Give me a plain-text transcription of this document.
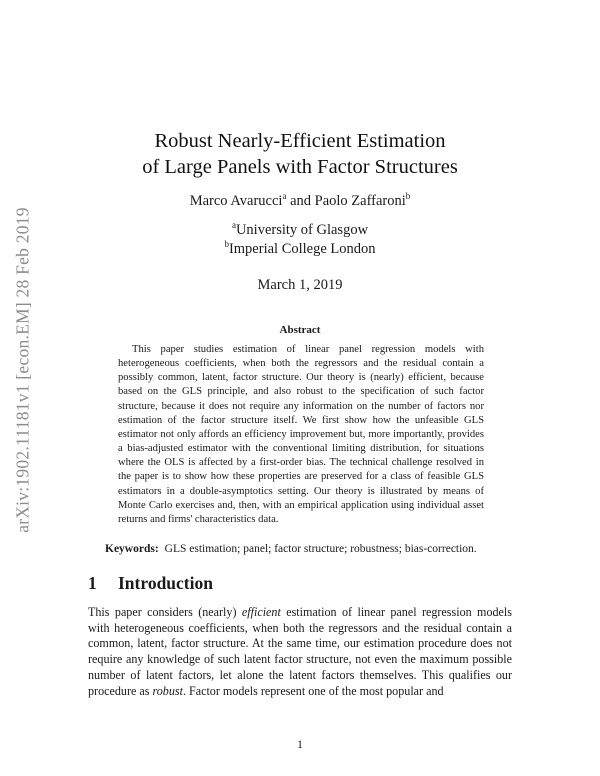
arXiv:1902.11181v1 [econ.EM] 28 Feb 2019
Robust Nearly-Efficient Estimation
of Large Panels with Factor Structures
Marco Avarucci$^a$ and Paolo Zaffaroni$^b$
$^a$University of Glasgow
$^b$Imperial College London
March 1, 2019
Abstract

This paper studies estimation of linear panel regression models with heterogeneous coefficients, when both the regressors and the residual contain a possibly common, latent, factor structure. Our theory is (nearly) efficient, because based on the GLS principle, and also robust to the specification of such factor structure, because it does not require any information on the number of factors nor estimation of the factor structure itself. We first show how the unfeasible GLS estimator not only affords an efficiency improvement but, more importantly, provides a bias-adjusted estimator with the conventional limiting distribution, for situations where the OLS is affected by a first-order bias. The technical challenge resolved in the paper is to show how these properties are preserved for a class of feasible GLS estimators in a double-asymptotics setting. Our theory is illustrated by means of Monte Carlo exercises and, then, with an empirical application using individual asset returns and firms' characteristics data.

Keywords: GLS estimation; panel; factor structure; robustness; bias-correction.
1 Introduction

This paper considers (nearly) efficient estimation of linear panel regression models with heterogeneous coefficients, when both the regressors and the residual contain a common, latent, factor structure. At the same time, our estimation procedure does not require any knowledge of such latent factor structure, not even the maximum possible number of latent factors, let alone the latent factors themselves. This qualifies our procedure as robust. Factor models represent one of the most popular and

1
